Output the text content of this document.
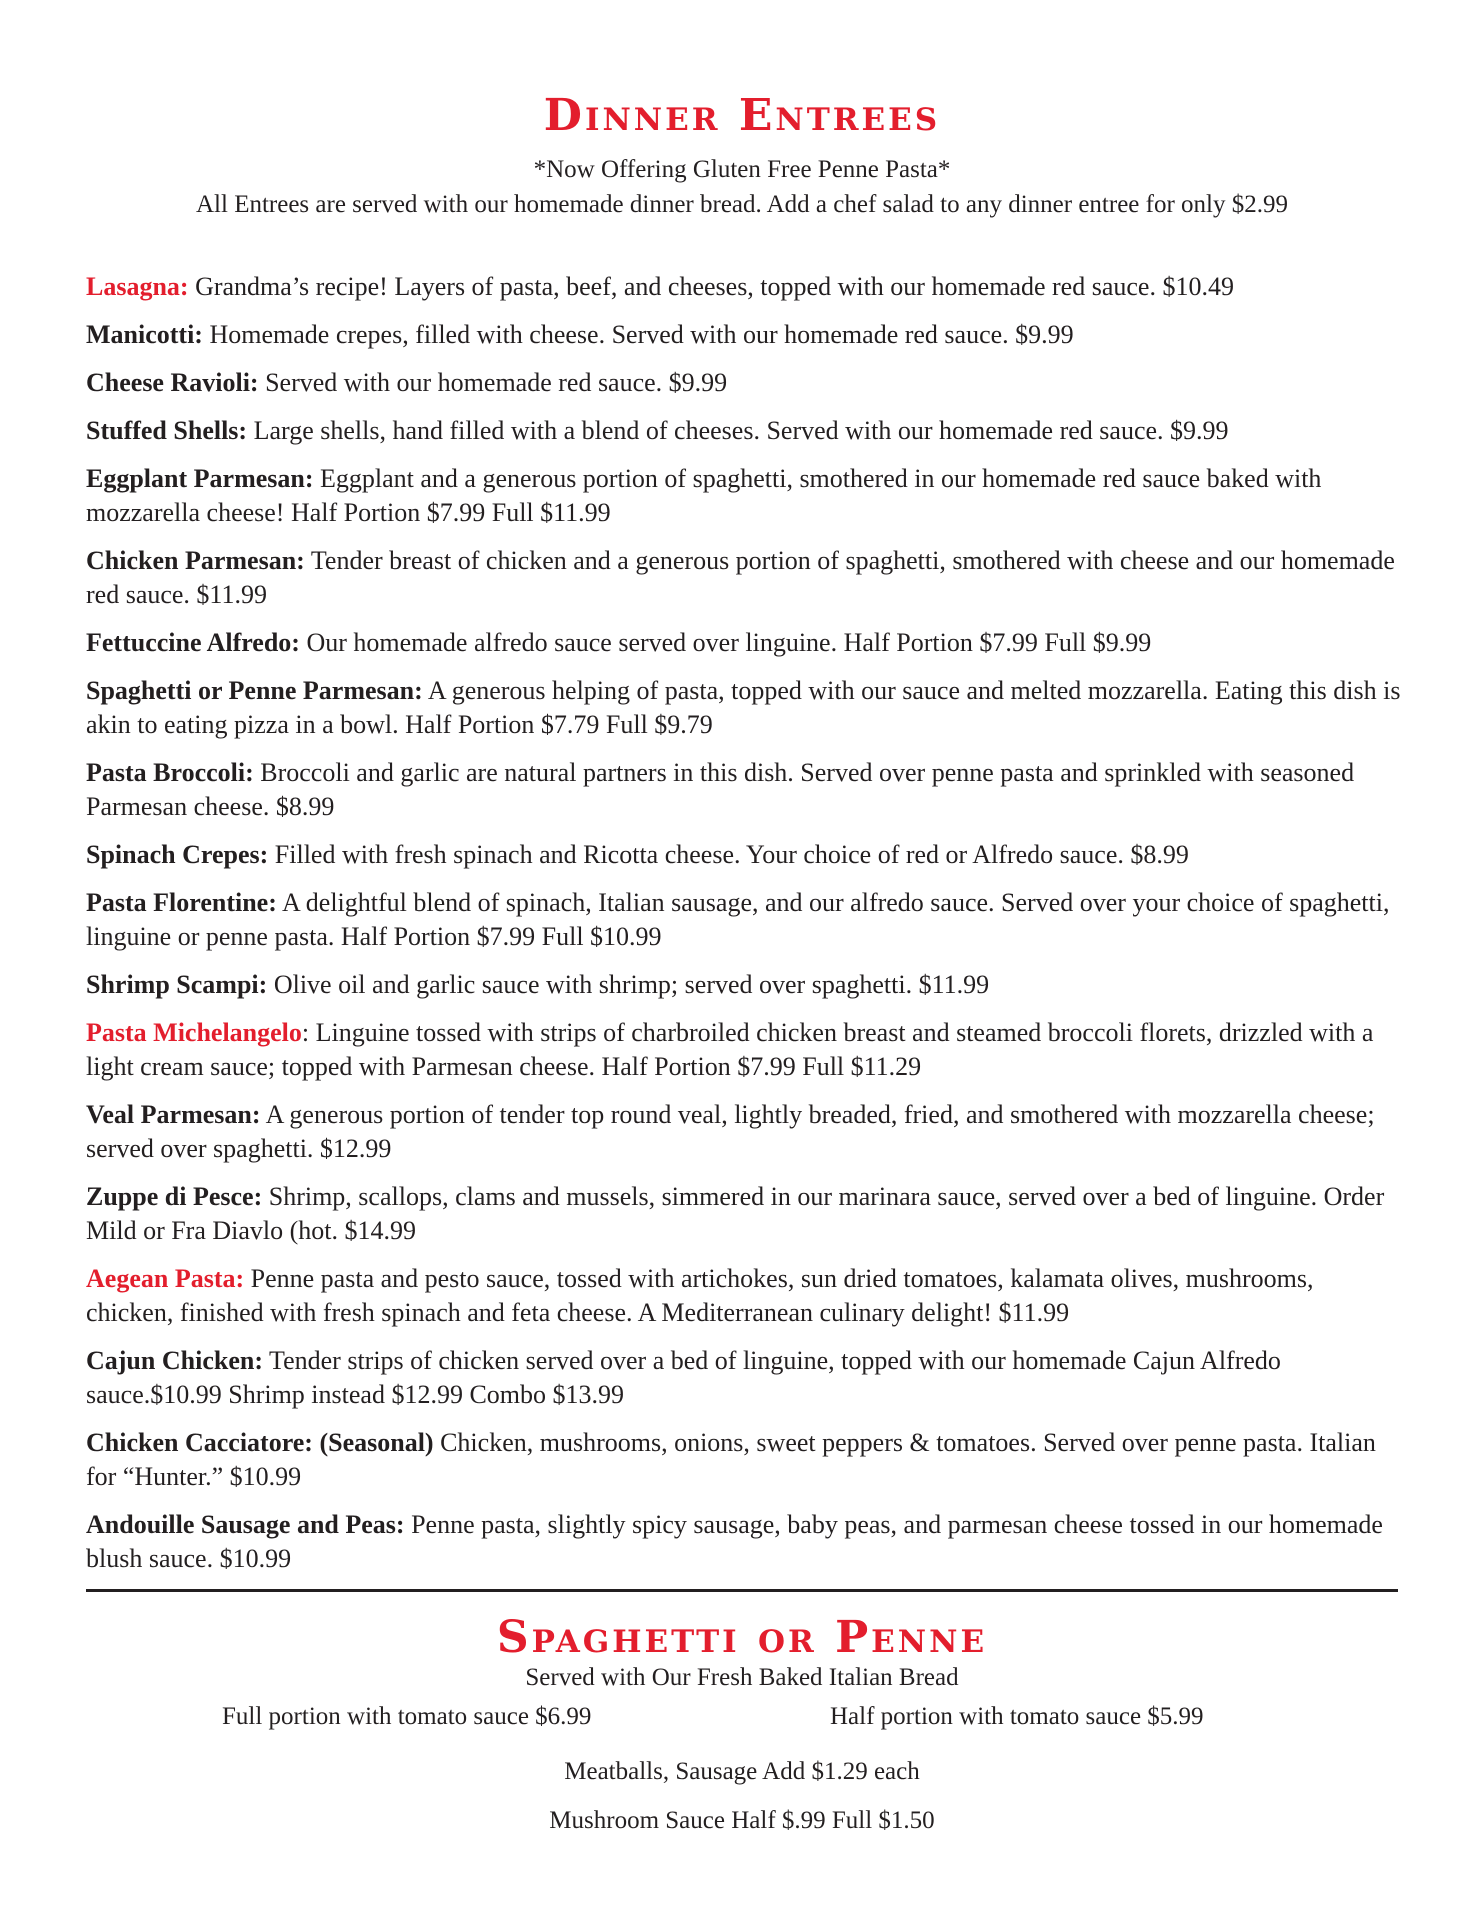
Dinner Entrees
*Now Offering Gluten Free Penne Pasta*
All Entrees are served with our homemade dinner bread. Add a chef salad to any dinner entree for only $2.99
Lasagna: Grandma’s recipe! Layers of pasta, beef, and cheeses, topped with our homemade red sauce. $10.49
Manicotti: Homemade crepes, filled with cheese. Served with our homemade red sauce. $9.99
Cheese Ravioli: Served with our homemade red sauce. $9.99
Stuffed Shells: Large shells, hand filled with a blend of cheeses. Served with our homemade red sauce. $9.99
Eggplant Parmesan: Eggplant and a generous portion of spaghetti, smothered in our homemade red sauce baked with mozzarella cheese! Half Portion $7.99 Full $11.99
Chicken Parmesan: Tender breast of chicken and a generous portion of spaghetti, smothered with cheese and our homemade red sauce. $11.99
Fettuccine Alfredo: Our homemade alfredo sauce served over linguine. Half Portion $7.99 Full $9.99
Spaghetti or Penne Parmesan: A generous helping of pasta, topped with our sauce and melted mozzarella. Eating this dish is akin to eating pizza in a bowl. Half Portion $7.79 Full $9.79
Pasta Broccoli: Broccoli and garlic are natural partners in this dish. Served over penne pasta and sprinkled with seasoned Parmesan cheese. $8.99
Spinach Crepes: Filled with fresh spinach and Ricotta cheese. Your choice of red or Alfredo sauce. $8.99
Pasta Florentine: A delightful blend of spinach, Italian sausage, and our alfredo sauce. Served over your choice of spaghetti, linguine or penne pasta. Half Portion $7.99 Full $10.99
Shrimp Scampi: Olive oil and garlic sauce with shrimp; served over spaghetti. $11.99
Pasta Michelangelo: Linguine tossed with strips of charbroiled chicken breast and steamed broccoli florets, drizzled with a light cream sauce; topped with Parmesan cheese. Half Portion $7.99 Full $11.29
Veal Parmesan: A generous portion of tender top round veal, lightly breaded, fried, and smothered with mozzarella cheese; served over spaghetti. $12.99
Zuppe di Pesce: Shrimp, scallops, clams and mussels, simmered in our marinara sauce, served over a bed of linguine. Order Mild or Fra Diavlo (hot. $14.99
Aegean Pasta: Penne pasta and pesto sauce, tossed with artichokes, sun dried tomatoes, kalamata olives, mushrooms, chicken, finished with fresh spinach and feta cheese. A Mediterranean culinary delight! $11.99
Cajun Chicken: Tender strips of chicken served over a bed of linguine, topped with our homemade Cajun Alfredo sauce.$10.99 Shrimp instead $12.99 Combo $13.99
Chicken Cacciatore: (Seasonal) Chicken, mushrooms, onions, sweet peppers & tomatoes. Served over penne pasta. Italian for “Hunter.” $10.99
Andouille Sausage and Peas: Penne pasta, slightly spicy sausage, baby peas, and parmesan cheese tossed in our homemade blush sauce. $10.99
Spaghetti or Penne
Served with Our Fresh Baked Italian Bread
Full portion with tomato sauce $6.99	Half portion with tomato sauce $5.99
Meatballs, Sausage Add $1.29 each
Mushroom Sauce Half $.99 Full $1.50
